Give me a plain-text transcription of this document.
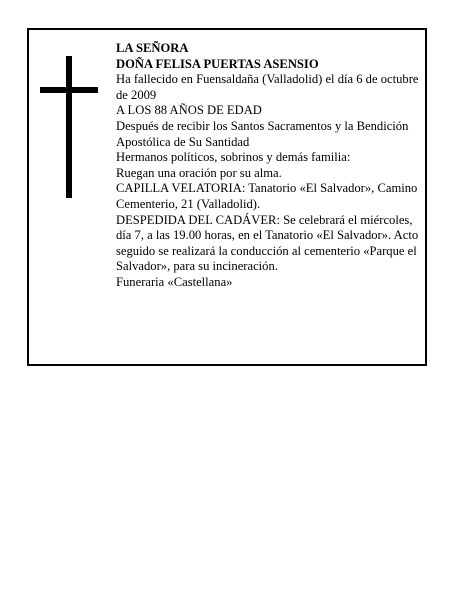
LA SEÑORA

DOÑA FELISA PUERTAS ASENSIO

Ha fallecido en Fuensaldaña (Valladolid) el día 6 de octubre de 2009

A LOS 88 AÑOS DE EDAD

Después de recibir los Santos Sacramentos y la Bendición Apostólica de Su Santidad

Hermanos políticos, sobrinos y demás familia:

Ruegan una oración por su alma.

CAPILLA VELATORIA: Tanatorio «El Salvador», Camino Cementerio, 21 (Valladolid).

DESPEDIDA DEL CADÁVER: Se celebrará el miércoles, día 7, a las 19.00 horas, en el Tanatorio «El Salvador». Acto seguido se realizará la conducción al cementerio «Parque el Salvador», para su incineración.

Funeraria «Castellana»
